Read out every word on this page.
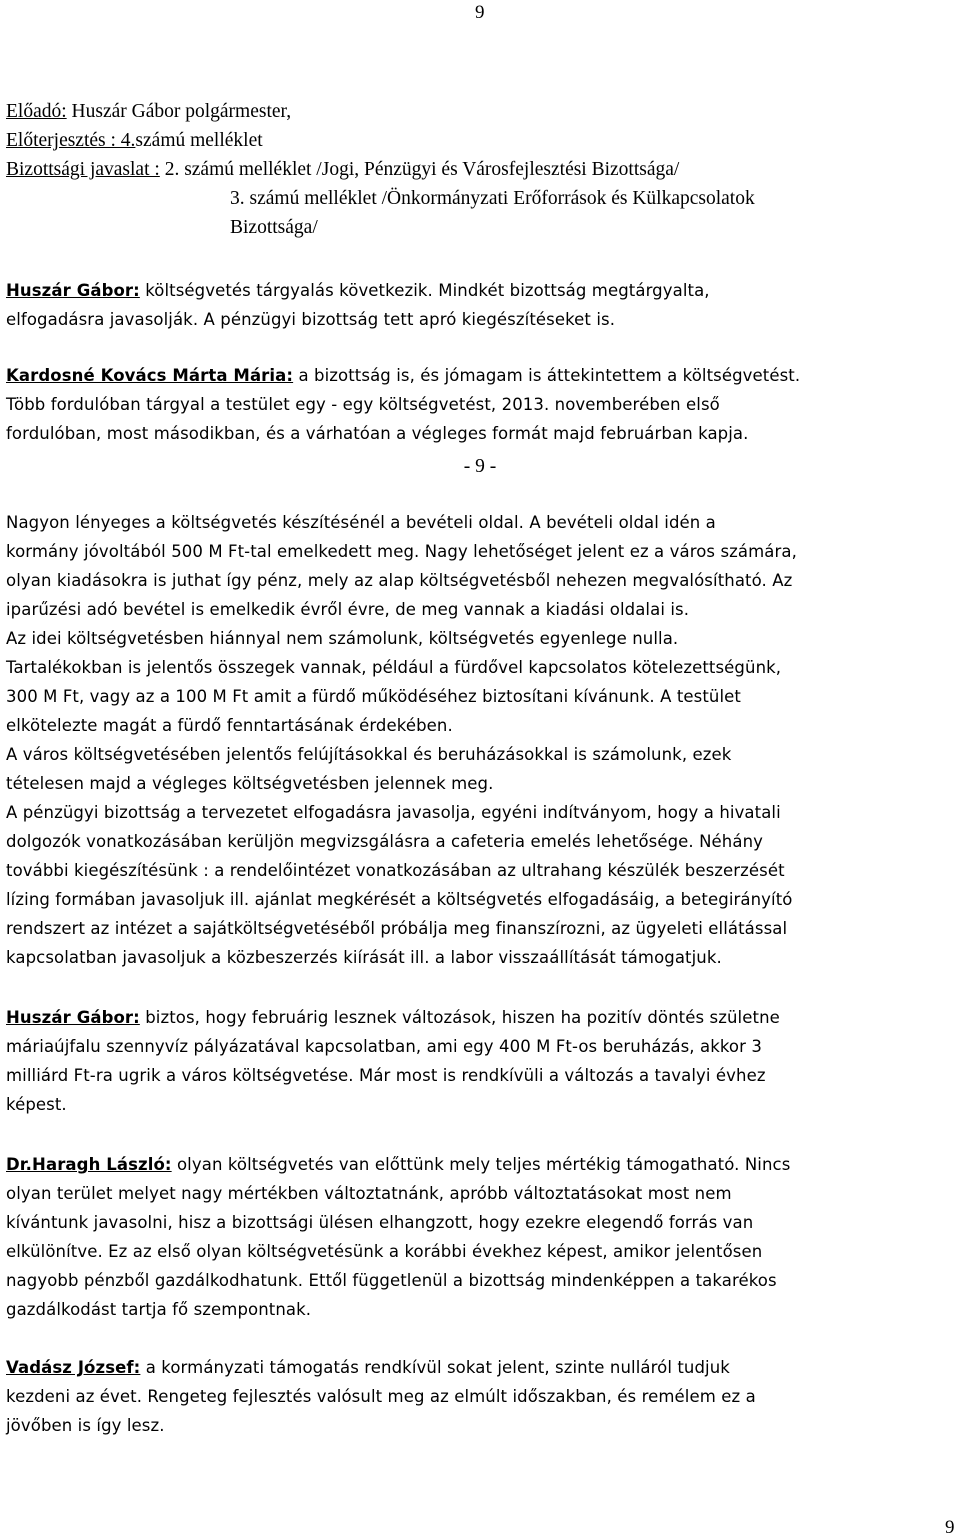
9
Előadó: Huszár Gábor polgármester,
Előterjesztés : 4.számú melléklet
Bizottsági javaslat : 2. számú melléklet /Jogi, Pénzügyi és Városfejlesztési Bizottsága/
3. számú melléklet /Önkormányzati Erőforrások és Külkapcsolatok
Bizottsága/
Huszár Gábor: költségvetés tárgyalás következik. Mindkét bizottság megtárgyalta,
elfogadásra javasolják. A pénzügyi bizottság tett apró kiegészítéseket is.
Kardosné Kovács Márta Mária: a bizottság is, és jómagam is áttekintettem a költségvetést.
Több fordulóban tárgyal a testület egy - egy költségvetést, 2013. novemberében első
fordulóban, most másodikban, és a várhatóan a végleges formát majd februárban kapja.
- 9 -
Nagyon lényeges a költségvetés készítésénél a bevételi oldal. A bevételi oldal idén a
kormány jóvoltából 500 M Ft-tal emelkedett meg. Nagy lehetőséget jelent ez a város számára,
olyan kiadásokra is juthat így pénz, mely az alap költségvetésből nehezen megvalósítható. Az
iparűzési adó bevétel is emelkedik évről évre, de meg vannak a kiadási oldalai is.
Az idei költségvetésben hiánnyal nem számolunk, költségvetés egyenlege nulla.
Tartalékokban is jelentős összegek vannak, például a fürdővel kapcsolatos kötelezettségünk,
300 M Ft, vagy az a 100 M Ft amit a fürdő működéséhez biztosítani kívánunk. A testület
elkötelezte magát a fürdő fenntartásának érdekében.
A város költségvetésében jelentős felújításokkal és beruházásokkal is számolunk, ezek
tételesen majd a végleges költségvetésben jelennek meg.
A pénzügyi bizottság a tervezetet elfogadásra javasolja, egyéni indítványom, hogy a hivatali
dolgozók vonatkozásában kerüljön megvizsgálásra a cafeteria emelés lehetősége. Néhány
további kiegészítésünk : a rendelőintézet vonatkozásában az ultrahang készülék beszerzését
lízing formában javasoljuk ill. ajánlat megkérését a költségvetés elfogadásáig, a betegirányító
rendszert az intézet a sajátköltségvetéséből próbálja meg finanszírozni, az ügyeleti ellátással
kapcsolatban javasoljuk a közbeszerzés kiírását ill. a labor visszaállítását támogatjuk.
Huszár Gábor: biztos, hogy februárig lesznek változások, hiszen ha pozitív döntés születne
máriaújfalu szennyvíz pályázatával kapcsolatban, ami egy 400 M Ft-os beruházás, akkor 3
milliárd Ft-ra ugrik a város költségvetése. Már most is rendkívüli a változás a tavalyi évhez
képest.
Dr.Haragh László: olyan költségvetés van előttünk mely teljes mértékig támogatható. Nincs
olyan terület melyet nagy mértékben változtatnánk, apróbb változtatásokat most nem
kívántunk javasolni, hisz a bizottsági ülésen elhangzott, hogy ezekre elegendő forrás van
elkülönítve. Ez az első olyan költségvetésünk a korábbi évekhez képest, amikor jelentősen
nagyobb pénzből gazdálkodhatunk. Ettől függetlenül a bizottság mindenképpen a takarékos
gazdálkodást tartja fő szempontnak.
Vadász József: a kormányzati támogatás rendkívül sokat jelent, szinte nulláról tudjuk
kezdeni az évet. Rengeteg fejlesztés valósult meg az elmúlt időszakban, és remélem ez a
jövőben is így lesz.
9
